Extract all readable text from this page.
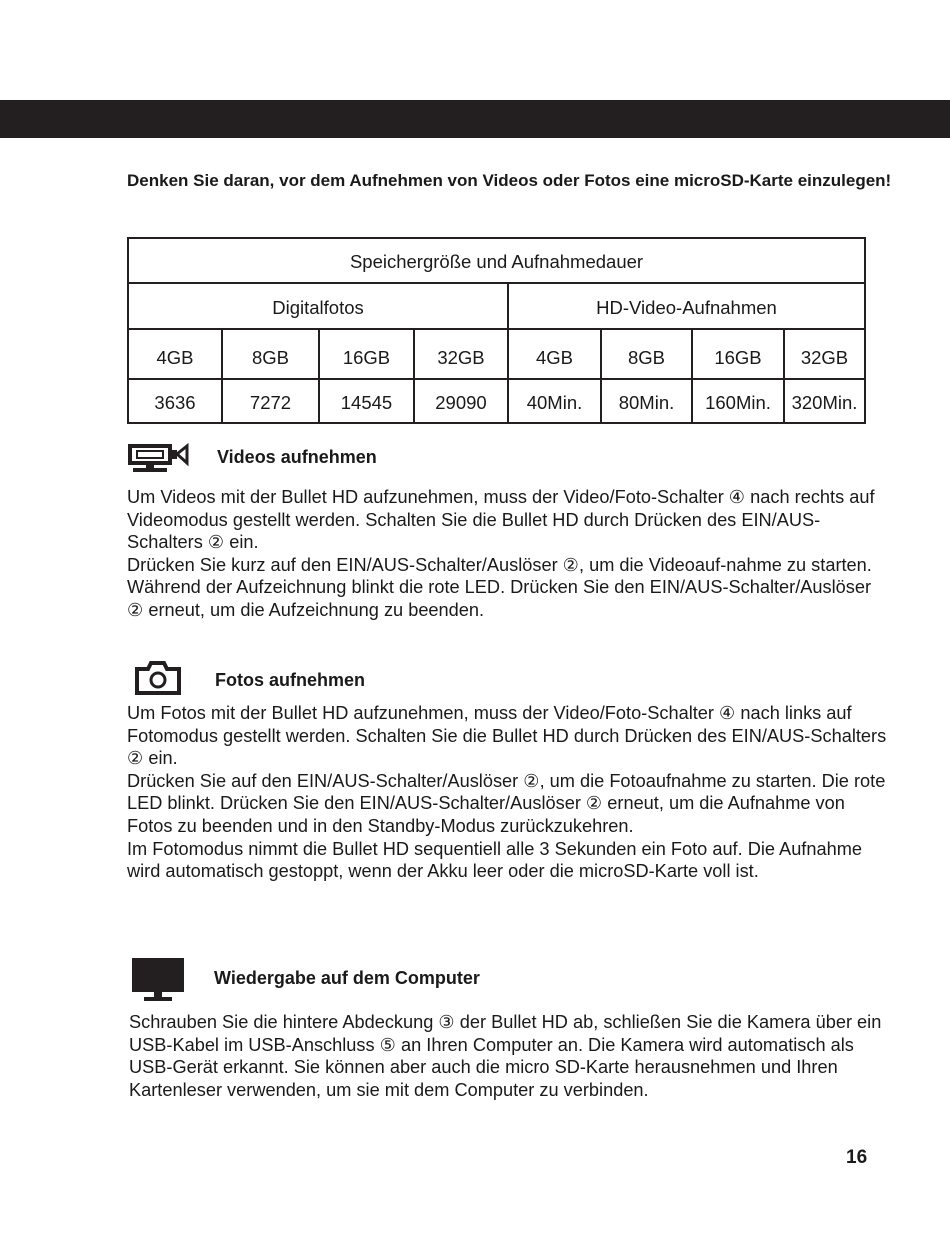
Denken Sie daran, vor dem Aufnehmen von Videos oder Fotos eine microSD-Karte einzulegen!
Speichergröße und Aufnahmedauer							
Digitalfotos				HD-Video-Aufnahmen			
4GB	8GB	16GB	32GB	4GB	8GB	16GB	32GB
3636	7272	14545	29090	40Min.	80Min.	160Min.	320Min.
Videos aufnehmen

Um Videos mit der Bullet HD aufzunehmen, muss der Video/Foto-Schalter ④ nach rechts auf Videomodus gestellt werden. Schalten Sie die Bullet HD durch Drücken des EIN/AUS-Schalters ② ein.

Drücken Sie kurz auf den EIN/AUS-Schalter/Auslöser ②, um die Videoauf-nahme zu starten. Während der Aufzeichnung blinkt die rote LED. Drücken Sie den EIN/AUS-Schalter/Auslöser ② erneut, um die Aufzeichnung zu beenden.

Fotos aufnehmen

Um Fotos mit der Bullet HD aufzunehmen, muss der Video/Foto-Schalter ④ nach links auf Fotomodus gestellt werden. Schalten Sie die Bullet HD durch Drücken des EIN/AUS-Schalters ② ein.

Drücken Sie auf den EIN/AUS-Schalter/Auslöser ②, um die Fotoaufnahme zu starten. Die rote LED blinkt. Drücken Sie den EIN/AUS-Schalter/Auslöser ② erneut, um die Aufnahme von Fotos zu beenden und in den Standby-Modus zurückzukehren.

Im Fotomodus nimmt die Bullet HD sequentiell alle 3 Sekunden ein Foto auf. Die Aufnahme wird automatisch gestoppt, wenn der Akku leer oder die microSD-Karte voll ist.

Wiedergabe auf dem Computer

Schrauben Sie die hintere Abdeckung ③ der Bullet HD ab, schließen Sie die Kamera über ein USB-Kabel im USB-Anschluss ⑤ an Ihren Computer an. Die Kamera wird automatisch als USB-Gerät erkannt. Sie können aber auch die micro SD-Karte herausnehmen und Ihren Kartenleser verwenden, um sie mit dem Computer zu verbinden.

16
